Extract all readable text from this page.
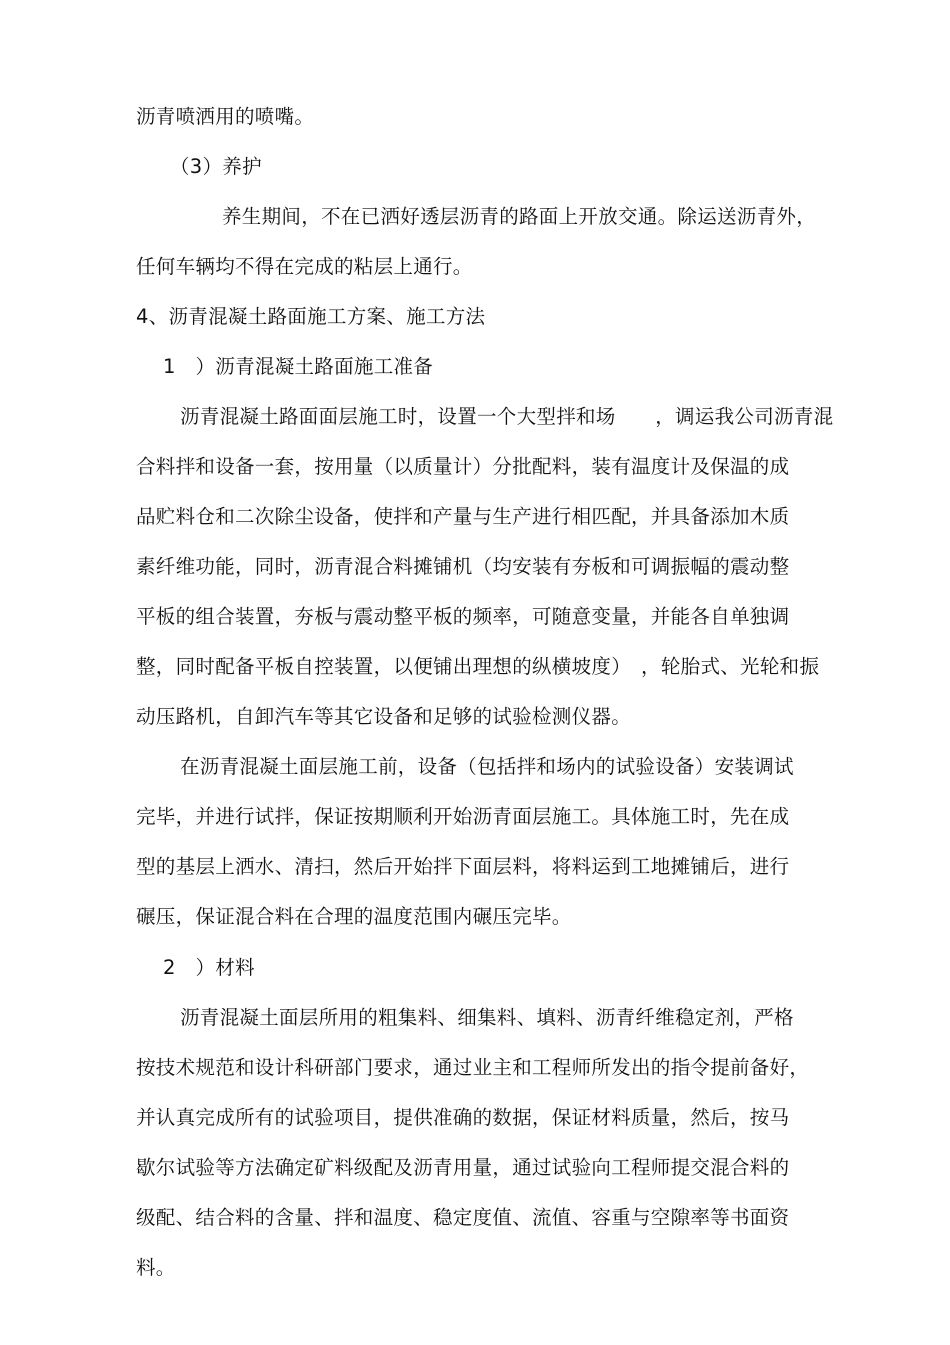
沥青喷洒用的喷嘴。
（3）养护
养生期间，不在已洒好透层沥青的路面上开放交通。除运送沥青外，
任何车辆均不得在完成的粘层上通行。
4、沥青混凝土路面施工方案、施工方法
1　）沥青混凝土路面施工准备
沥青混凝土路面面层施工时，设置一个大型拌和场　　，调运我公司沥青混
合料拌和设备一套，按用量（以质量计）分批配料，装有温度计及保温的成
品贮料仓和二次除尘设备，使拌和产量与生产进行相匹配，并具备添加木质
素纤维功能，同时，沥青混合料摊铺机（均安装有夯板和可调振幅的震动整
平板的组合装置，夯板与震动整平板的频率，可随意变量，并能各自单独调
整，同时配备平板自控装置，以便铺出理想的纵横坡度）　，轮胎式、光轮和振
动压路机，自卸汽车等其它设备和足够的试验检测仪器。
在沥青混凝土面层施工前，设备（包括拌和场内的试验设备）安装调试
完毕，并进行试拌，保证按期顺利开始沥青面层施工。具体施工时，先在成
型的基层上洒水、清扫，然后开始拌下面层料，将料运到工地摊铺后，进行
碾压，保证混合料在合理的温度范围内碾压完毕。
2　）材料
沥青混凝土面层所用的粗集料、细集料、填料、沥青纤维稳定剂，严格
按技术规范和设计科研部门要求，通过业主和工程师所发出的指令提前备好，
并认真完成所有的试验项目，提供准确的数据，保证材料质量，然后，按马
歇尔试验等方法确定矿料级配及沥青用量，通过试验向工程师提交混合料的
级配、结合料的含量、拌和温度、稳定度值、流值、容重与空隙率等书面资
料。
